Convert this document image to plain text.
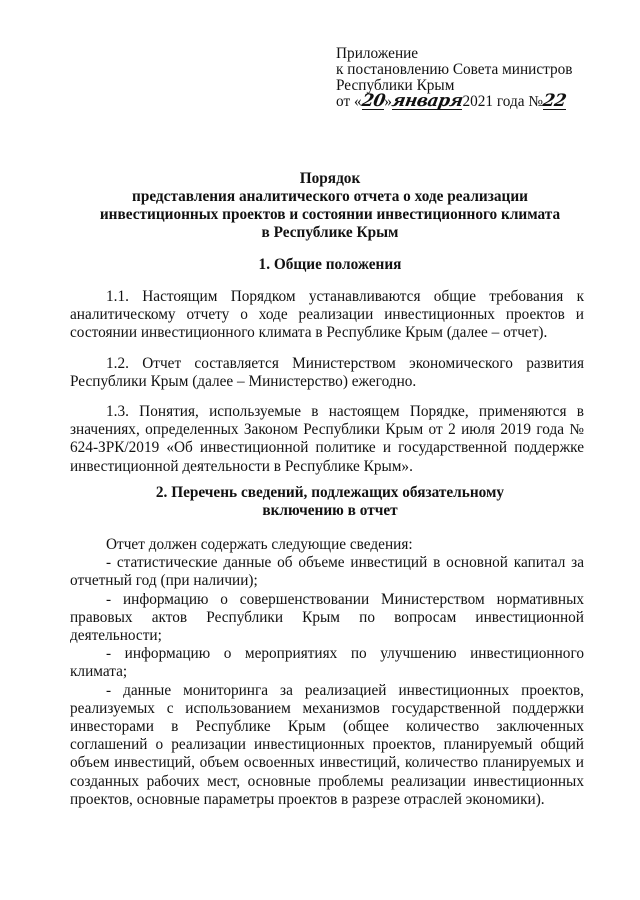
Приложение
к постановлению Совета министров
Республики Крым
от «20»января2021 года №22
Порядок
представления аналитического отчета о ходе реализации
инвестиционных проектов и состоянии инвестиционного климата
в Республике Крым
1. Общие положения

1.1. Настоящим Порядком устанавливаются общие требования к аналитическому отчету о ходе реализации инвестиционных проектов и состоянии инвестиционного климата в Республике Крым (далее – отчет).

1.2. Отчет составляется Министерством экономического развития Республики Крым (далее – Министерство) ежегодно.

1.3. Понятия, используемые в настоящем Порядке, применяются в значениях, определенных Законом Республики Крым от 2 июля 2019 года № 624-ЗРК/2019 «Об инвестиционной политике и государственной поддержке инвестиционной деятельности в Республике Крым».

2. Перечень сведений, подлежащих обязательному
включению в отчет

Отчет должен содержать следующие сведения:

- статистические данные об объеме инвестиций в основной капитал за отчетный год (при наличии);

- информацию о совершенствовании Министерством нормативных правовых актов Республики Крым по вопросам инвестиционной деятельности;

- информацию о мероприятиях по улучшению инвестиционного климата;

- данные мониторинга за реализацией инвестиционных проектов, реализуемых с использованием механизмов государственной поддержки инвесторами в Республике Крым (общее количество заключенных соглашений о реализации инвестиционных проектов, планируемый общий объем инвестиций, объем освоенных инвестиций, количество планируемых и созданных рабочих мест, основные проблемы реализации инвестиционных проектов, основные параметры проектов в разрезе отраслей экономики).
